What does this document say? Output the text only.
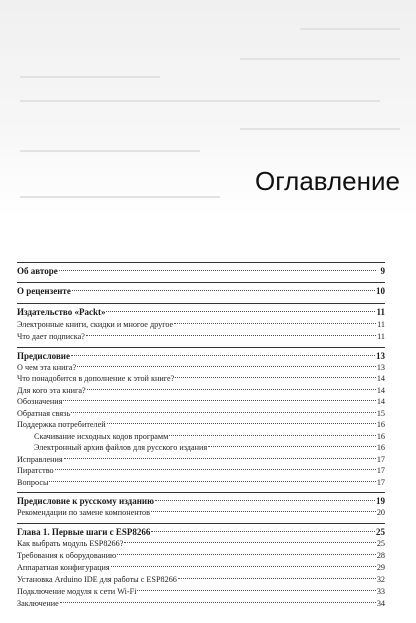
Оглавление
Об авторе	9
О рецензенте	10
Издательство «Packt»	11
Электронные книги, скидки и многое другое	11
Что дает подписка?	11
Предисловие	13
О чем эта книга?	13
Что понадобится в дополнение к этой книге?	14
Для кого эта книга?	14
Обозначения	14
Обратная связь	15
Поддержка потребителей	16
Скачивание исходных кодов программ	16
Электронный архив файлов для русского издания	16
Исправления	17
Пиратство	17
Вопросы	17
Предисловие к русскому изданию	19
Рекомендации по замене компонентов	20
Глава 1. Первые шаги с ESP8266	25
Как выбрать модуль ESP8266?	25
Требования к оборудованию	28
Аппаратная конфигурация	29
Установка Arduino IDE для работы с ESP8266	32
Подключение модуля к сети Wi-Fi	33
Заключение	34
